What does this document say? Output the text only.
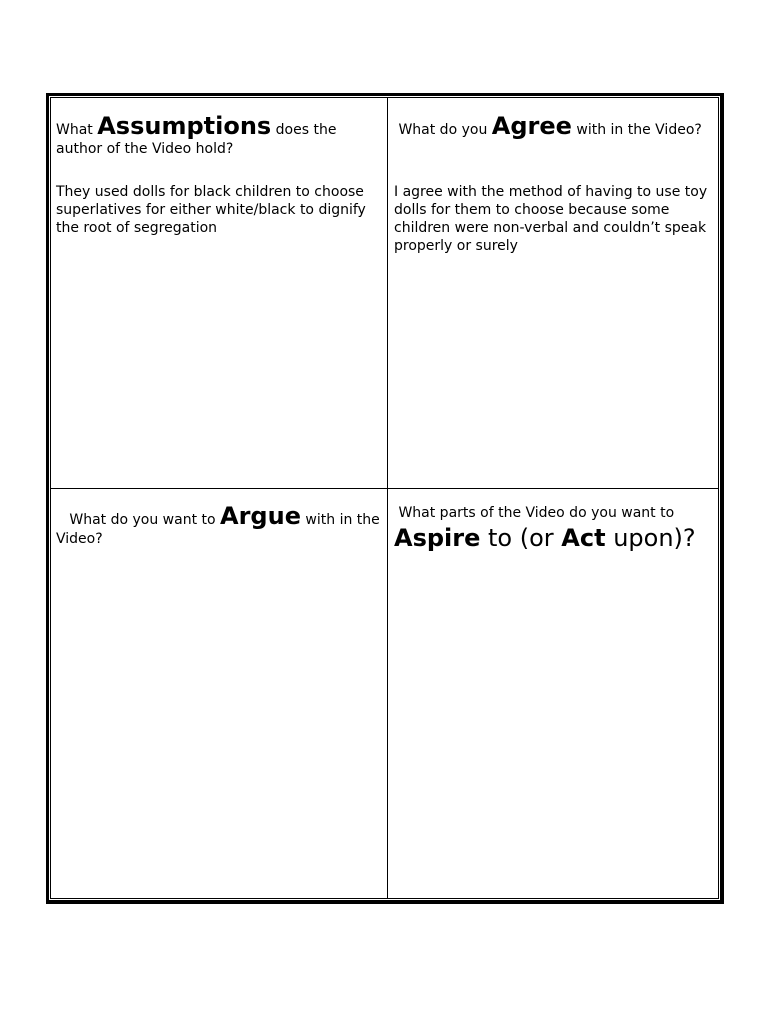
What Assumptions does the author of the Video hold?

They used dolls for black children to choose superlatives for either white/black to dignify the root of segregation

What do you Agree with in the Video?

I agree with the method of having to use toy dolls for them to choose because some children were non-verbal and couldn’t speak properly or surely

What do you want to Argue with in the Video?

What parts of the Video do you want to
Aspire to (or Act upon)?
